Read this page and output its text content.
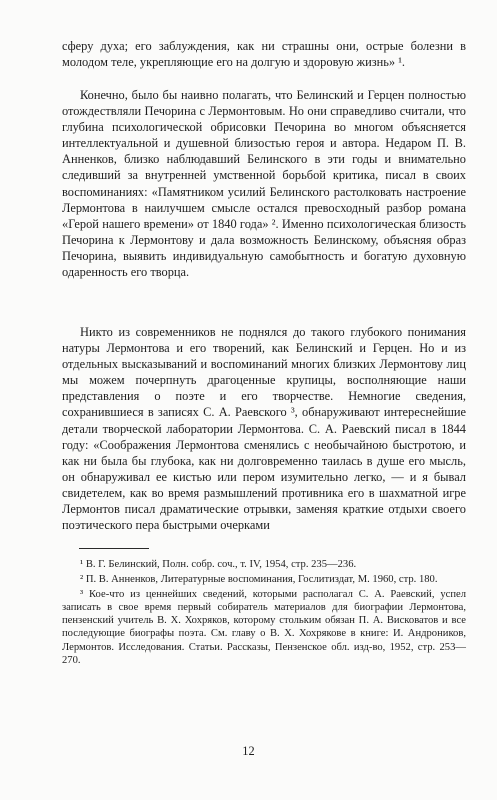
сферу духа; его заблуждения, как ни страшны они, острые болезни в молодом теле, укрепляющие его на долгую и здоровую жизнь» ¹.

Конечно, было бы наивно полагать, что Белинский и Герцен полностью отождествляли Печорина с Лермонтовым. Но они справедливо считали, что глубина психологической обрисовки Печорина во многом объясняется интеллектуальной и душевной близостью героя и автора. Недаром П. В. Анненков, близко наблюдавший Белинского в эти годы и внимательно следивший за внутренней умственной борьбой критика, писал в своих воспоминаниях: «Памятником усилий Белинского растолковать настроение Лермонтова в наилучшем смысле остался превосходный разбор романа «Герой нашего времени» от 1840 года» ². Именно психологическая близость Печорина к Лермонтову и дала возможность Белинскому, объясняя образ Печорина, выявить индивидуальную самобытность и богатую духовную одаренность его творца.

Никто из современников не поднялся до такого глубокого понимания натуры Лермонтова и его творений, как Белинский и Герцен. Но и из отдельных высказываний и воспоминаний многих близких Лермонтову лиц мы можем почерпнуть драгоценные крупицы, восполняющие наши представления о поэте и его творчестве. Немногие сведения, сохранившиеся в записях С. А. Раевского ³, обнаруживают интереснейшие детали творческой лаборатории Лермонтова. С. А. Раевский писал в 1844 году: «Соображения Лермонтова сменялись с необычайною быстротою, и как ни была бы глубока, как ни долговременно таилась в душе его мысль, он обнаруживал ее кистью или пером изумительно легко, — и я бывал свидетелем, как во время размышлений противника его в шахматной игре Лермонтов писал драматические отрывки, заменяя краткие отдыхи своего поэтического пера быстрыми очерками

¹ В. Г. Белинский, Полн. собр. соч., т. IV, 1954, стр. 235—236.

² П. В. Анненков, Литературные воспоминания, Гослитиздат, М. 1960, стр. 180.

³ Кое-что из ценнейших сведений, которыми располагал С. А. Раевский, успел записать в свое время первый собиратель материалов для биографии Лермонтова, пензенский учитель В. Х. Хохряков, которому стольким обязан П. А. Висковатов и все последующие биографы поэта. См. главу о В. Х. Хохрякове в книге: И. Андроников, Лермонтов. Исследования. Статьи. Рассказы, Пензенское обл. изд-во, 1952, стр. 253—270.

12
